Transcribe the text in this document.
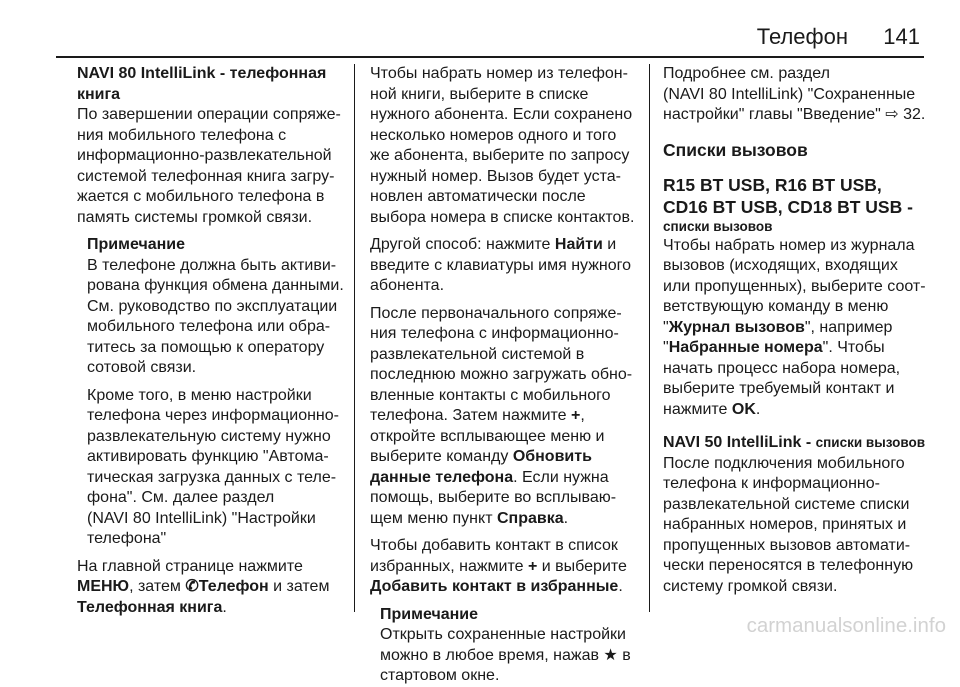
Телефон 141
NAVI 80 IntelliLink - телефонная
книга
По завершении операции сопряже-
ния мобильного телефона с
информационно-развлекательной
системой телефонная книга загру-
жается с мобильного телефона в
память системы громкой связи.
Примечание
В телефоне должна быть активи-
рована функция обмена данными.
См. руководство по эксплуатации
мобильного телефона или обра-
титесь за помощью к оператору
сотовой связи.
Кроме того, в меню настройки
телефона через информационно-
развлекательную систему нужно
активировать функцию "Автома-
тическая загрузка данных с теле-
фона". См. далее раздел
(NAVI 80 IntelliLink) "Настройки
телефона"
На главной странице нажмите
МЕНЮ, затем ✆Телефон и затем
Телефонная книга.
Чтобы набрать номер из телефон-
ной книги, выберите в списке
нужного абонента. Если сохранено
несколько номеров одного и того
же абонента, выберите по запросу
нужный номер. Вызов будет уста-
новлен автоматически после
выбора номера в списке контактов.
Другой способ: нажмите Найти и
введите с клавиатуры имя нужного
абонента.
После первоначального сопряже-
ния телефона с информационно-
развлекательной системой в
последнюю можно загружать обно-
вленные контакты с мобильного
телефона. Затем нажмите +,
откройте всплывающее меню и
выберите команду Обновить
данные телефона. Если нужна
помощь, выберите во всплываю-
щем меню пункт Справка.
Чтобы добавить контакт в список
избранных, нажмите + и выберите
Добавить контакт в избранные.
Примечание
Открыть сохраненные настройки
можно в любое время, нажав ★ в
стартовом окне.
Подробнее см. раздел
(NAVI 80 IntelliLink) "Сохраненные
настройки" главы "Введение" ⇨ 32.
Списки вызовов
R15 BT USB, R16 BT USB,
CD16 BT USB, CD18 BT USB -
списки вызовов
Чтобы набрать номер из журнала
вызовов (исходящих, входящих
или пропущенных), выберите соот-
ветствующую команду в меню
"Журнал вызовов", например
"Набранные номера". Чтобы
начать процесс набора номера,
выберите требуемый контакт и
нажмите OK.
NAVI 50 IntelliLink - списки вызовов
После подключения мобильного
телефона к информационно-
развлекательной системе списки
набранных номеров, принятых и
пропущенных вызовов автомати-
чески переносятся в телефонную
систему громкой связи.
carmanualsonline.info
